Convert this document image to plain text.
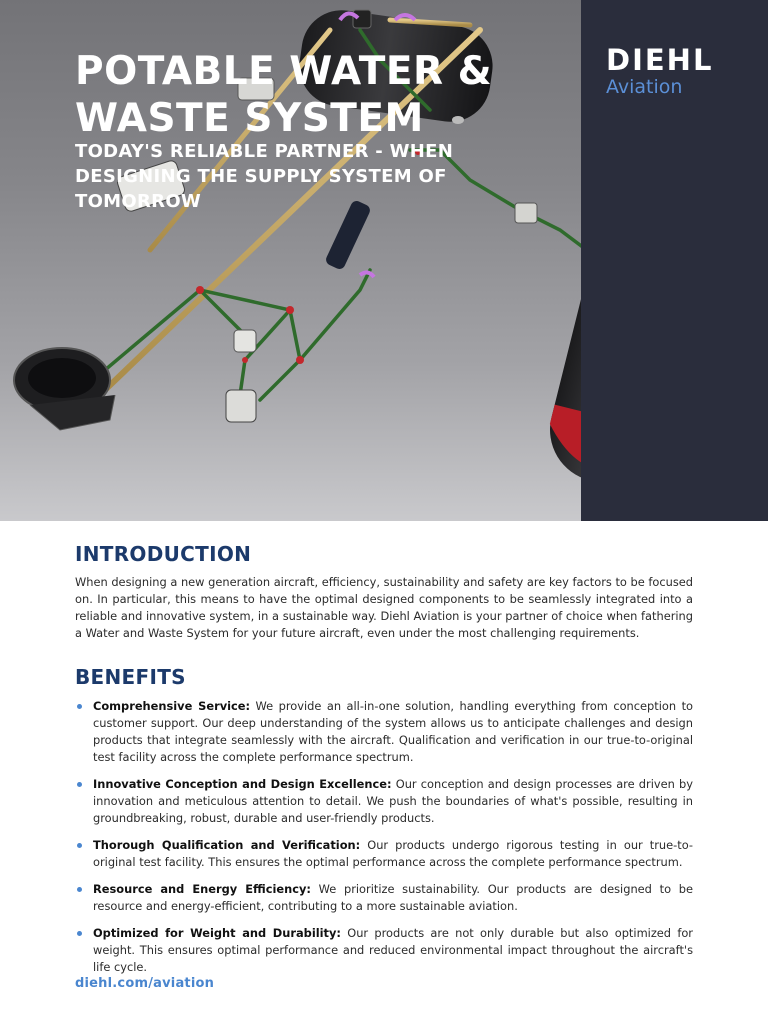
DIEHL
Aviation
POTABLE WATER & WASTE SYSTEM
TODAY'S RELIABLE PARTNER - WHEN DESIGNING THE SUPPLY SYSTEM OF TOMORROW
INTRODUCTION

When designing a new generation aircraft, efficiency, sustainability and safety are key factors to be focused on. In particular, this means to have the optimal designed components to be seamlessly integrated into a reliable and innovative system, in a sustainable way. Diehl Aviation is your partner of choice when fathering a Water and Waste System for your future aircraft, even under the most challenging requirements.

BENEFITS
Comprehensive Service: We provide an all-in-one solution, handling everything from conception to customer support. Our deep understanding of the system allows us to anticipate challenges and design products that integrate seamlessly with the aircraft. Qualification and verification in our true-to-original test facility across the complete performance spectrum.
Innovative Conception and Design Excellence: Our conception and design processes are driven by innovation and meticulous attention to detail. We push the boundaries of what's possible, resulting in groundbreaking, robust, durable and user-friendly products.
Thorough Qualification and Verification: Our products undergo rigorous testing in our true-to-original test facility. This ensures the optimal performance across the complete performance spectrum.
Resource and Energy Efficiency: We prioritize sustainability. Our products are designed to be resource and energy-efficient, contributing to a more sustainable aviation.
Optimized for Weight and Durability: Our products are not only durable but also optimized for weight. This ensures optimal performance and reduced environmental impact throughout the aircraft's life cycle.
diehl.com/aviation
